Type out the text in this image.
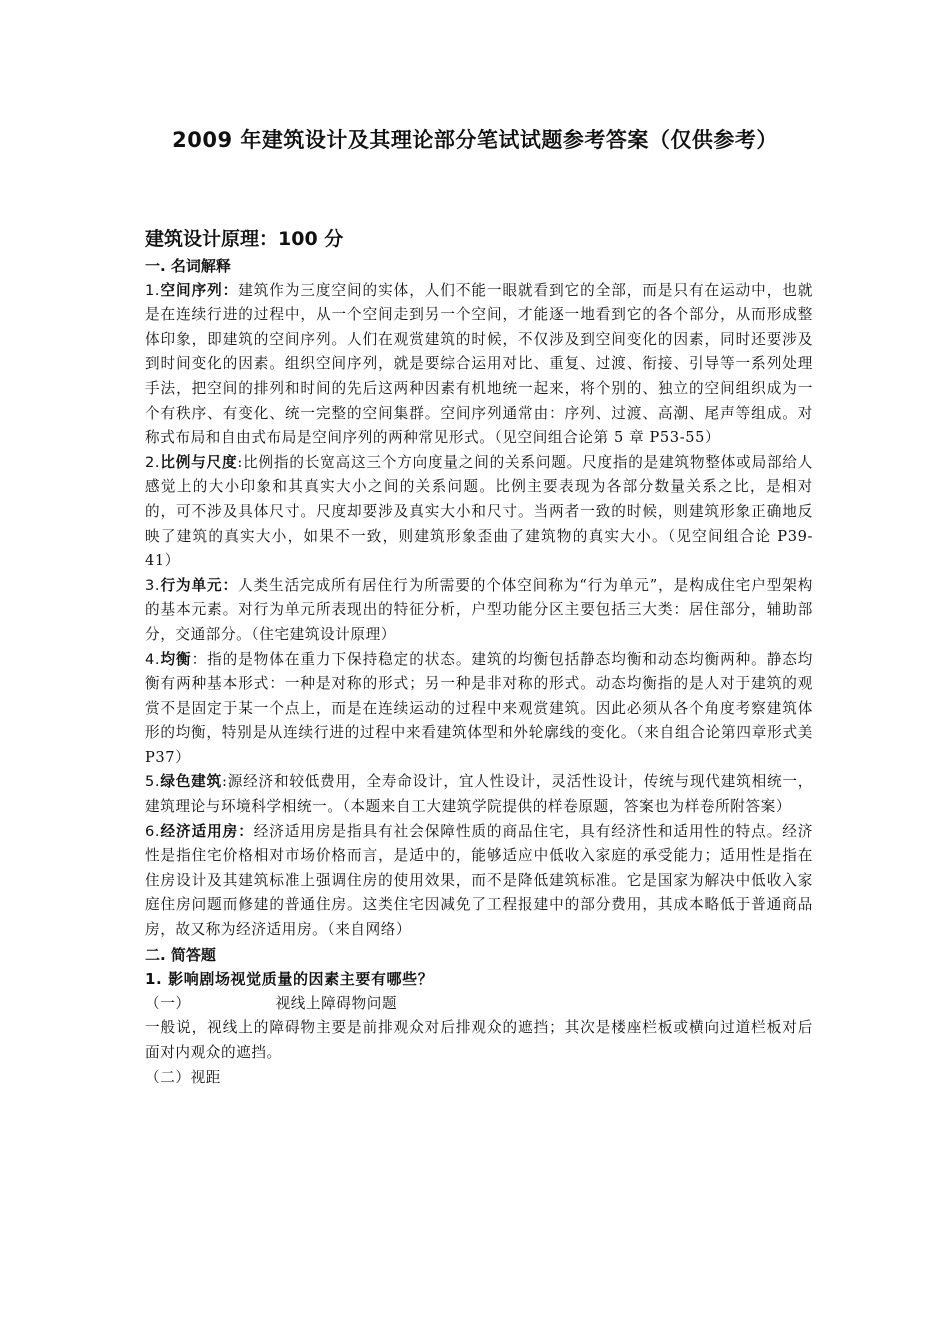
2009 年建筑设计及其理论部分笔试试题参考答案（仅供参考）
建筑设计原理：100 分
一. 名词解释
1.空间序列：建筑作为三度空间的实体，人们不能一眼就看到它的全部，而是只有在运动中，也就是在连续行进的过程中，从一个空间走到另一个空间，才能逐一地看到它的各个部分，从而形成整体印象，即建筑的空间序列。人们在观赏建筑的时候，不仅涉及到空间变化的因素，同时还要涉及到时间变化的因素。组织空间序列，就是要综合运用对比、重复、过渡、衔接、引导等一系列处理手法，把空间的排列和时间的先后这两种因素有机地统一起来，将个别的、独立的空间组织成为一个有秩序、有变化、统一完整的空间集群。空间序列通常由：序列、过渡、高潮、尾声等组成。对称式布局和自由式布局是空间序列的两种常见形式。（见空间组合论第 5 章 P53-55）
2.比例与尺度:比例指的长宽高这三个方向度量之间的关系问题。尺度指的是建筑物整体或局部给人感觉上的大小印象和其真实大小之间的关系问题。比例主要表现为各部分数量关系之比，是相对的，可不涉及具体尺寸。尺度却要涉及真实大小和尺寸。当两者一致的时候，则建筑形象正确地反映了建筑的真实大小，如果不一致，则建筑形象歪曲了建筑物的真实大小。（见空间组合论 P39-41）
3.行为单元：人类生活完成所有居住行为所需要的个体空间称为“行为单元”，是构成住宅户型架构的基本元素。对行为单元所表现出的特征分析，户型功能分区主要包括三大类：居住部分，辅助部分，交通部分。（住宅建筑设计原理）
4.均衡：指的是物体在重力下保持稳定的状态。建筑的均衡包括静态均衡和动态均衡两种。静态均衡有两种基本形式：一种是对称的形式；另一种是非对称的形式。动态均衡指的是人对于建筑的观赏不是固定于某一个点上，而是在连续运动的过程中来观赏建筑。因此必须从各个角度考察建筑体形的均衡，特别是从连续行进的过程中来看建筑体型和外轮廓线的变化。（来自组合论第四章形式美 P37）
5.绿色建筑:源经济和较低费用，全寿命设计，宜人性设计，灵活性设计，传统与现代建筑相统一，建筑理论与环境科学相统一。（本题来自工大建筑学院提供的样卷原题，答案也为样卷所附答案）
6.经济适用房：经济适用房是指具有社会保障性质的商品住宅，具有经济性和适用性的特点。经济性是指住宅价格相对市场价格而言，是适中的，能够适应中低收入家庭的承受能力；适用性是指在住房设计及其建筑标准上强调住房的使用效果，而不是降低建筑标准。它是国家为解决中低收入家庭住房问题而修建的普通住房。这类住宅因减免了工程报建中的部分费用，其成本略低于普通商品房，故又称为经济适用房。（来自网络）
二. 简答题
1. 影响剧场视觉质量的因素主要有哪些？
（一）	视线上障碍物问题
一般说，视线上的障碍物主要是前排观众对后排观众的遮挡；其次是楼座栏板或横向过道栏板对后面对内观众的遮挡。
（二）视距
